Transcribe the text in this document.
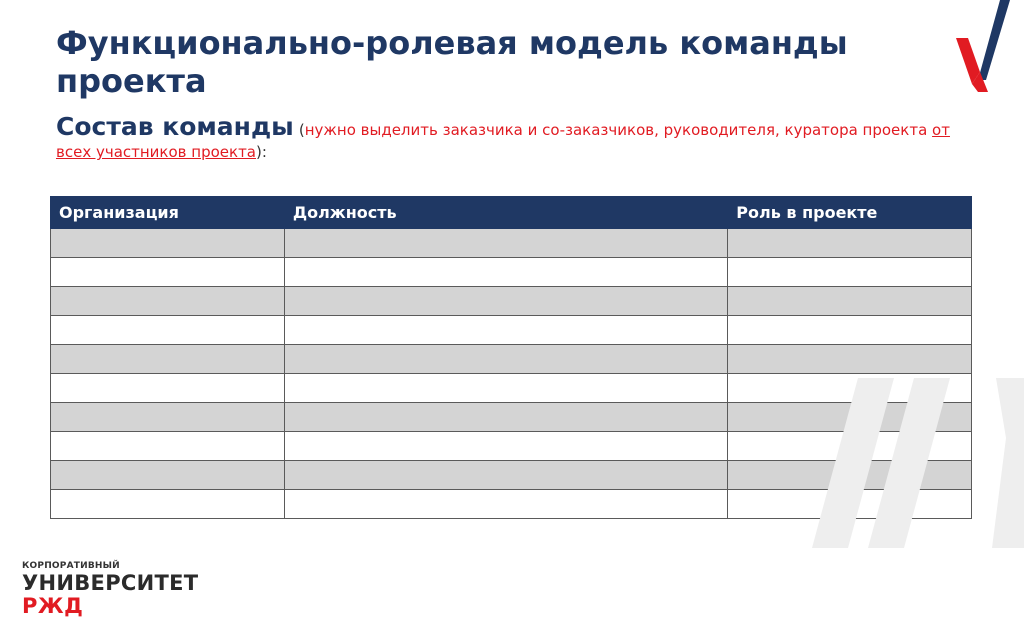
Функционально-ролевая модель команды проекта
Состав команды (нужно выделить заказчика и со-заказчиков, руководителя, куратора проекта от всех участников проекта):
Организация	Должность	Роль в проекте

КОРПОРАТИВНЫЙ
УНИВЕРСИТЕТ
РЖД
